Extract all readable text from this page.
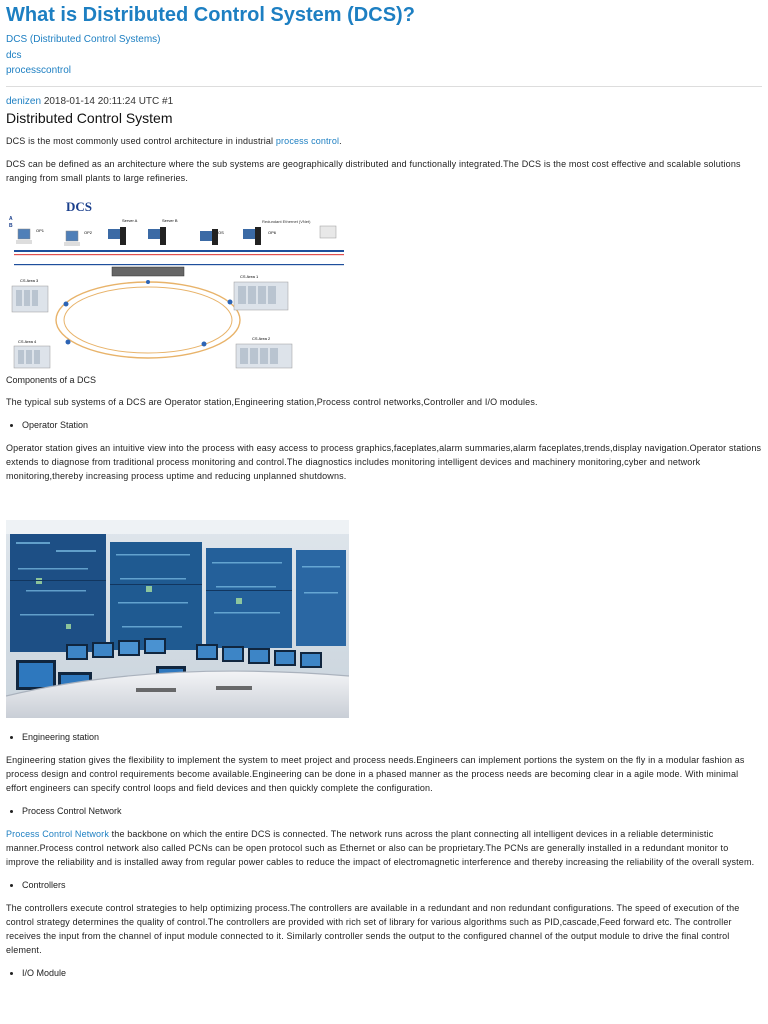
What is Distributed Control System (DCS)?
DCS (Distributed Control Systems)
dcs
processcontrol
denizen 2018-01-14 20:11:24 UTC #1
Distributed Control System

DCS is the most commonly used control architecture in industrial process control.

DCS can be defined as an architecture where the sub systems are geographically distributed and functionally integrated.The DCS is the most cost effective and scalable solutions ranging from small plants to large refineries.

DCS
Redundant Ethernet (VNet)
A
B
OP1	OP2
Server A	Server B
OS	OP6
CS Area 3
CS Area 1
CS Area 4
CS Area 2
Components of a DCS

The typical sub systems of a DCS are Operator station,Engineering station,Process control networks,Controller and I/O modules.

• Operator Station

Operator station gives an intuitive view into the process with easy access to process graphics,faceplates,alarm summaries,alarm faceplates,trends,display navigation.Operator stations extends to diagnose from traditional process monitoring and control.The diagnostics includes monitoring intelligent devices and machinery monitoring,cyber and network monitoring,thereby increasing process uptime and reducing unplanned shutdowns.

• Engineering station

Engineering station gives the flexibility to implement the system to meet project and process needs.Engineers can implement portions the system on the fly in a modular fashion as process design and control requirements become available.Engineering can be done in a phased manner as the process needs are becoming clear in a agile mode. With minimal effort engineers can specify control loops and field devices and then quickly complete the configuration.

• Process Control Network

Process Control Network the backbone on which the entire DCS is connected. The network runs across the plant connecting all intelligent devices in a reliable deterministic manner.Process control network also called PCNs can be open protocol such as Ethernet or also can be proprietary.The PCNs are generally installed in a redundant monitor to improve the reliability and is installed away from regular power cables to reduce the impact of electromagnetic interference and thereby increasing the reliability of the overall system.

• Controllers

The controllers execute control strategies to help optimizing process.The controllers are available in a redundant and non redundant configurations. The speed of execution of the control strategy determines the quality of control.The controllers are provided with rich set of library for various algorithms such as PID,cascade,Feed forward etc. The controller receives the input from the channel of input module connected to it. Similarly controller sends the output to the configured channel of the output module to drive the final control element.

• I/O Module
